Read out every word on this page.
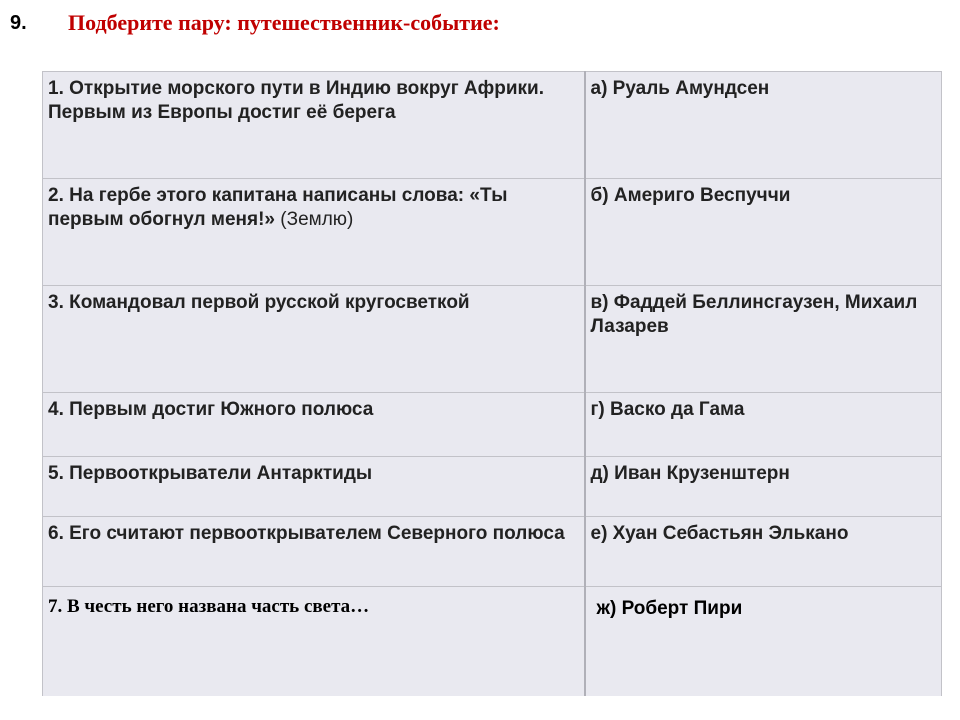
9. Подберите пару: путешественник-событие:
1. Открытие морского пути в Индию вокруг Африки. Первым из Европы достиг её берега	а) Руаль Амундсен
2. На гербе этого капитана написаны слова: «Ты первым обогнул меня!» (Землю)	б) Америго Веспуччи
3. Командовал первой русской кругосветкой	в) Фаддей Беллинсгаузен, Михаил Лазарев
4. Первым достиг Южного полюса	г) Васко да Гама
5. Первооткрыватели Антарктиды	д) Иван Крузенштерн
6. Его считают первооткрывателем Северного полюса	е) Хуан Себастьян Элькано
7. В честь него названа часть света…	ж) Роберт Пири
